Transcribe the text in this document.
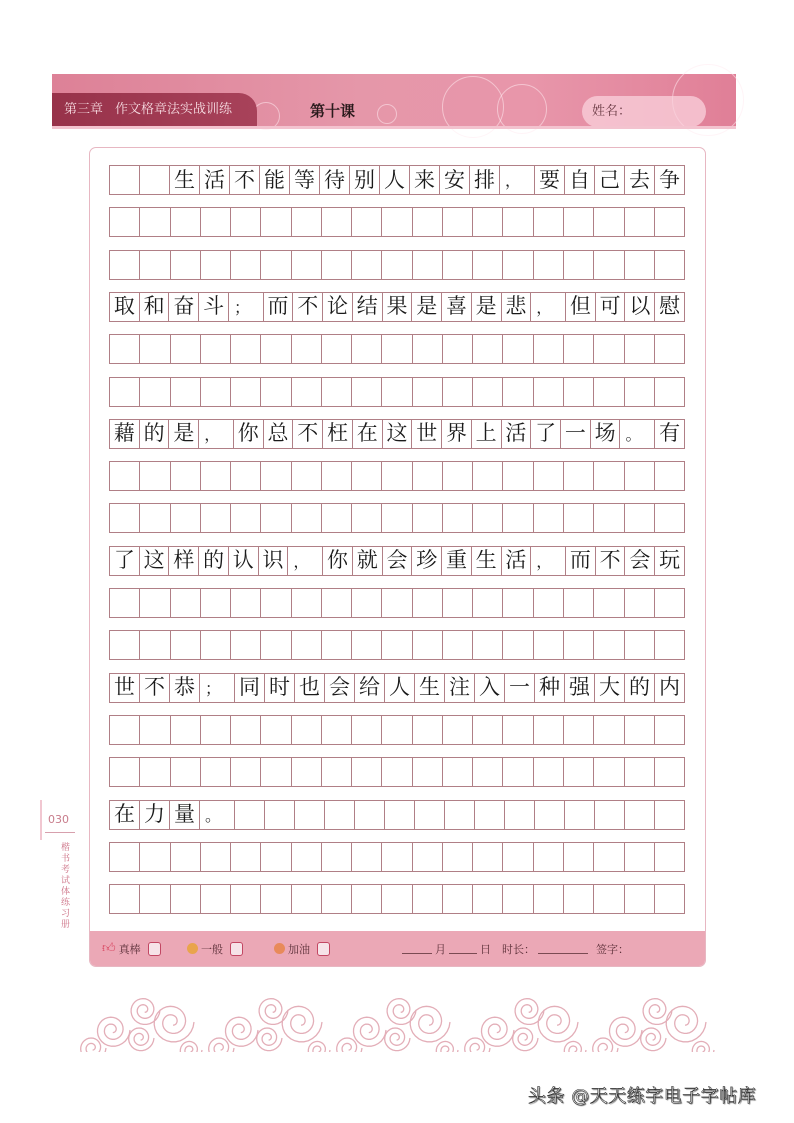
第三章 作文格章法实战训练	第十课	姓名：
030
楷书考试体练习册
生 活 不 能 等 待 别 人 来 安 排 ， 要 自 己 去 争
取 和 奋 斗 ； 而 不 论 结 果 是 喜 是 悲 ， 但 可 以 慰
藉 的 是 ， 你 总 不 枉 在 这 世 界 上 活 了 一 场 。 有
了 这 样 的 认 识 ， 你 就 会 珍 重 生 活 ， 而 不 会 玩
世 不 恭 ； 同 时 也 会 给 人 生 注 入 一 种 强 大 的 内
在 力 量 。
👍︎ 真棒	一般	加油	月	日 时长：	签字：
头条 @天天练字电子字帖库
